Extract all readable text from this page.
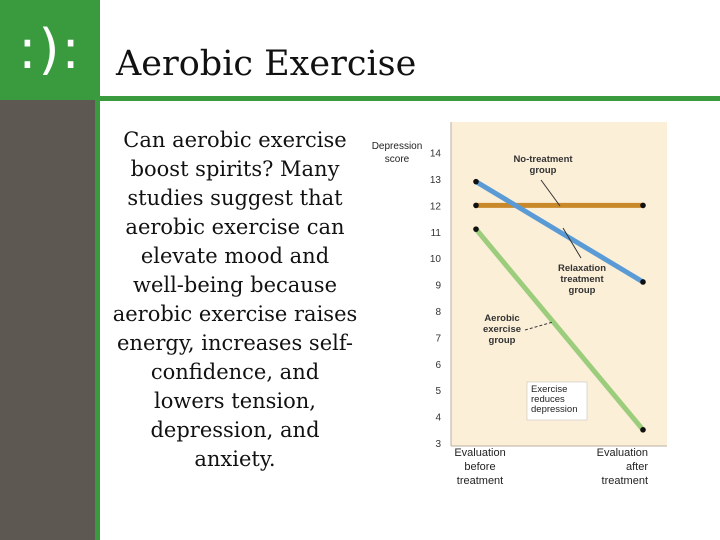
:): Aerobic Exercise

Can aerobic exercise

boost spirits? Many

studies suggest that

aerobic exercise can

elevate mood and

well-being because

aerobic exercise raises

energy, increases self-

confidence, and

lowers tension,

depression, and

anxiety.

3
4
5
6
7
8
9
10
11
12
13
14
Depression score
Evaluation before treatment
Evaluation after treatment
No-treatment group
Relaxation treatment group
Aerobic exercise group
Exercise reduces depression
